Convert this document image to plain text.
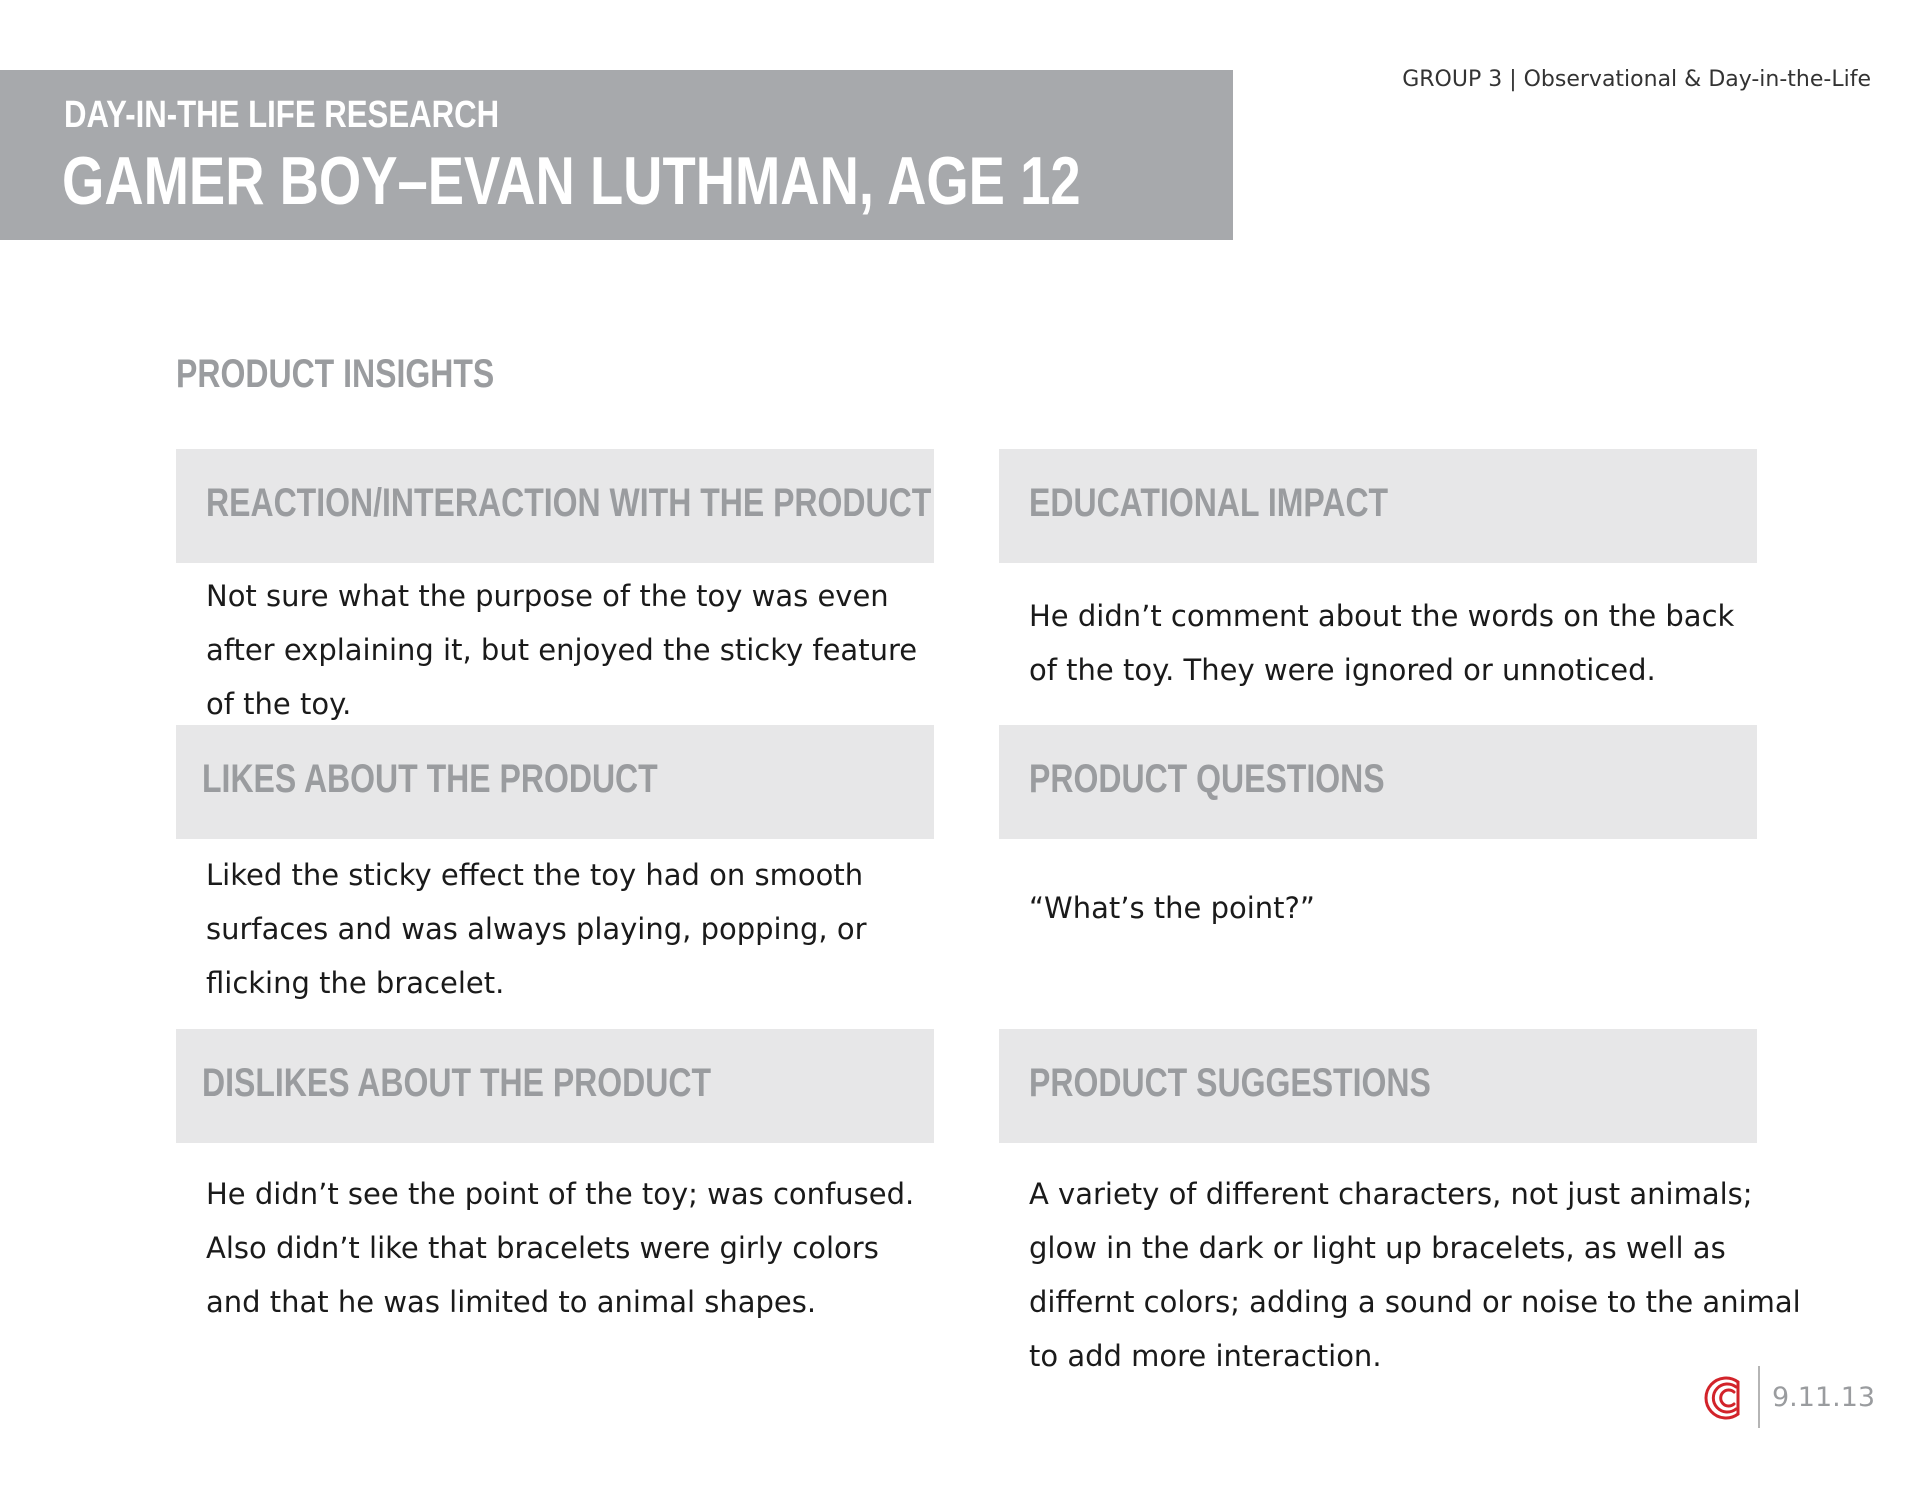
DAY-IN-THE LIFE RESEARCH
GAMER BOY–EVAN LUTHMAN, AGE 12
GROUP 3 | Observational & Day-in-the-Life
PRODUCT INSIGHTS
REACTION/INTERACTION WITH THE PRODUCT
Not sure what the purpose of the toy was even after explaining it, but enjoyed the sticky feature of the toy.
EDUCATIONAL IMPACT
He didn’t comment about the words on the back of the toy. They were ignored or unnoticed.
LIKES ABOUT THE PRODUCT
Liked the sticky effect the toy had on smooth surfaces and was always playing, popping, or flicking the bracelet.
PRODUCT QUESTIONS
“What’s the point?”
DISLIKES ABOUT THE PRODUCT
He didn’t see the point of the toy; was confused. Also didn’t like that bracelets were girly colors and that he was limited to animal shapes.
PRODUCT SUGGESTIONS
A variety of different characters, not just animals; glow in the dark or light up bracelets, as well as differnt colors; adding a sound or noise to the animal to add more interaction.
9.11.13
